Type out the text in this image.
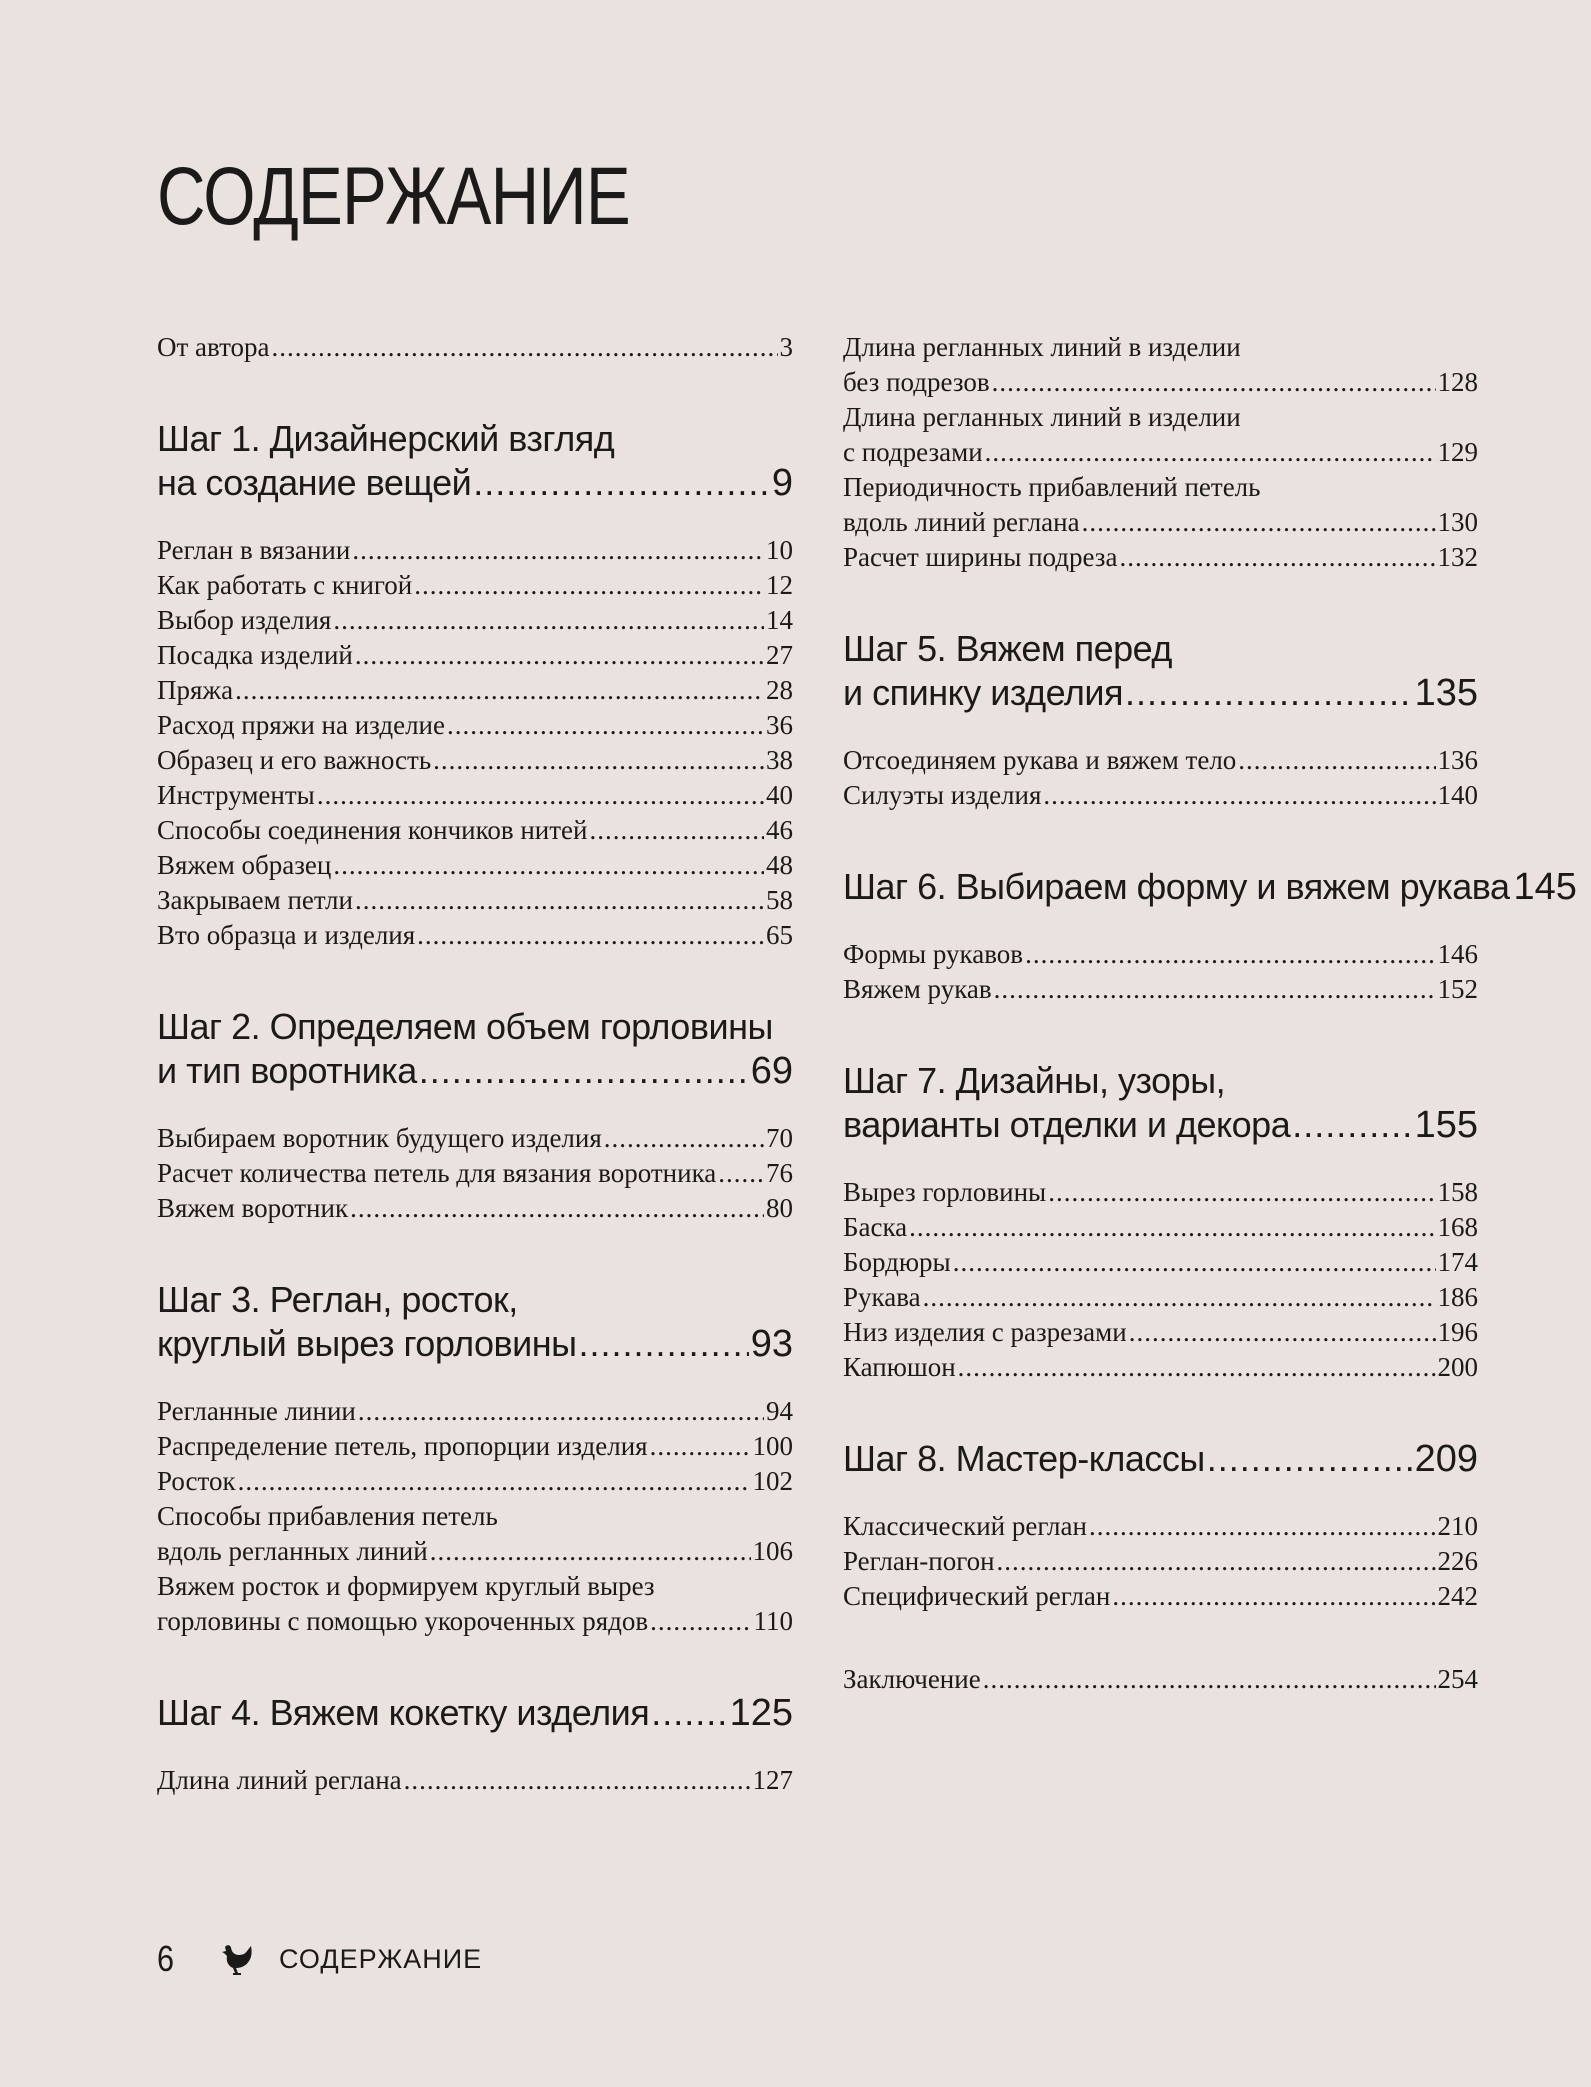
СОДЕРЖАНИЕ
От автора .....	3
Шаг 1. Дизайнерский взгляд
на создание вещей .....	9
Реглан в вязании .....	10
Как работать с книгой .....	12
Выбор изделия .....	14
Посадка изделий .....	27
Пряжа .....	28
Расход пряжи на изделие .....	36
Образец и его важность .....	38
Инструменты .....	40
Способы соединения кончиков нитей .....	46
Вяжем образец .....	48
Закрываем петли .....	58
Вто образца и изделия .....	65
Шаг 2. Определяем объем горловины
и тип воротника .....	69
Выбираем воротник будущего изделия .....	70
Расчет количества петель для вязания воротника ..... 76
Вяжем воротник .....	80
Шаг 3. Реглан, росток,
круглый вырез горловины .....	93
Регланные линии .....	94
Распределение петель, пропорции изделия .....	100
Росток .....	102
Способы прибавления петель
вдоль регланных линий .....	106
Вяжем росток и формируем круглый вырез
горловины с помощью укороченных рядов .....	110
Шаг 4. Вяжем кокетку изделия ..... 125
Длина линий реглана .....	127
Длина регланных линий в изделии
без подрезов .....	128
Длина регланных линий в изделии
с подрезами .....	129
Периодичность прибавлений петель
вдоль линий реглана .....	130
Расчет ширины подреза .....	132
Шаг 5. Вяжем перед
и спинку изделия .....	135
Отсоединяем рукава и вяжем тело .....	136
Силуэты изделия .....	140
Шаг 6. Выбираем форму и вяжем рукава 145
Формы рукавов .....	146
Вяжем рукав .....	152
Шаг 7. Дизайны, узоры,
варианты отделки и декора .....	155
Вырез горловины .....	158
Баска .....	168
Бордюры .....	174
Рукава .....	186
Низ изделия с разрезами .....	196
Капюшон .....	200
Шаг 8. Мастер-классы .....	209
Классический реглан .....	210
Реглан-погон .....	226
Специфический реглан .....	242
Заключение .....	254
6	СОДЕРЖАНИЕ
